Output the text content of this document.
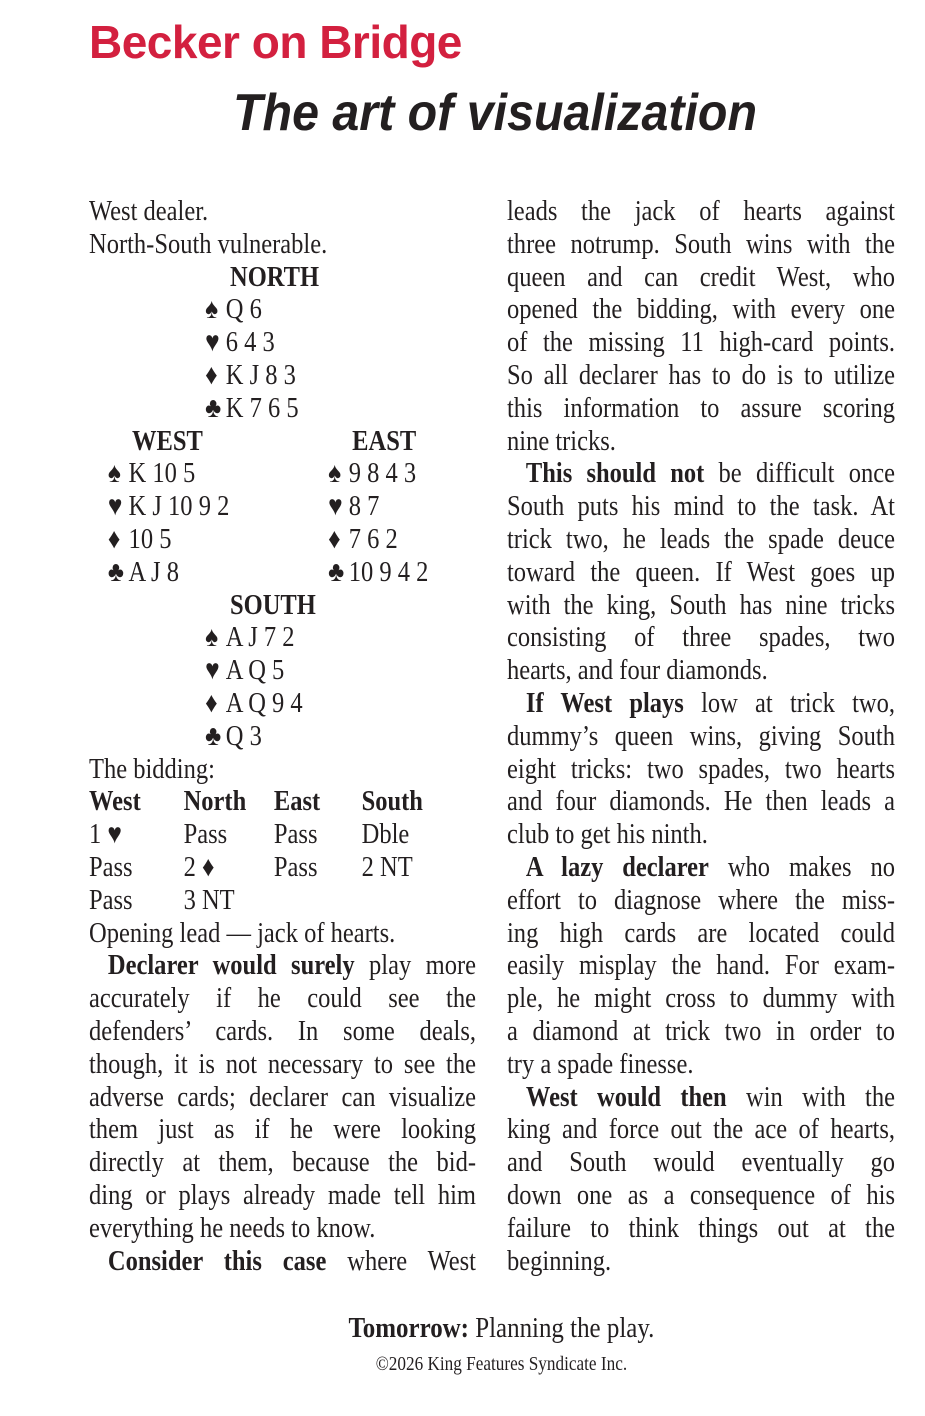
Becker on Bridge
The art of visualization
West dealer.
North-South vulnerable.
NORTH
♠ Q 6
♥ 6 4 3
♦ K J 8 3
♣ K 7 6 5
WEST	EAST
♠ K 10 5	♠ 9 8 4 3
♥ K J 10 9 2	♥ 8 7
♦ 10 5	♦ 7 6 2
♣ A J 8	♣ 10 9 4 2
SOUTH
♠ A J 7 2
♥ A Q 5
♦ A Q 9 4
♣ Q 3
The bidding:
West North East South
1 ♥ Pass Pass Dble
Pass 2 ♦ Pass 2 NT
Pass 3 NT
Opening lead — jack of hearts.
Declarer would surely play more
accurately if he could see the
defenders’ cards. In some deals,
though, it is not necessary to see the
adverse cards; declarer can visualize
them just as if he were looking
directly at them, because the bid-
ding or plays already made tell him
everything he needs to know.
Consider this case where West
leads the jack of hearts against
three notrump. South wins with the
queen and can credit West, who
opened the bidding, with every one
of the missing 11 high-card points.
So all declarer has to do is to utilize
this information to assure scoring
nine tricks.
This should not be difficult once
South puts his mind to the task. At
trick two, he leads the spade deuce
toward the queen. If West goes up
with the king, South has nine tricks
consisting of three spades, two
hearts, and four diamonds.
If West plays low at trick two,
dummy’s queen wins, giving South
eight tricks: two spades, two hearts
and four diamonds. He then leads a
club to get his ninth.
A lazy declarer who makes no
effort to diagnose where the miss-
ing high cards are located could
easily misplay the hand. For exam-
ple, he might cross to dummy with
a diamond at trick two in order to
try a spade finesse.
West would then win with the
king and force out the ace of hearts,
and South would eventually go
down one as a consequence of his
failure to think things out at the
beginning.
Tomorrow: Planning the play.
©2026 King Features Syndicate Inc.
